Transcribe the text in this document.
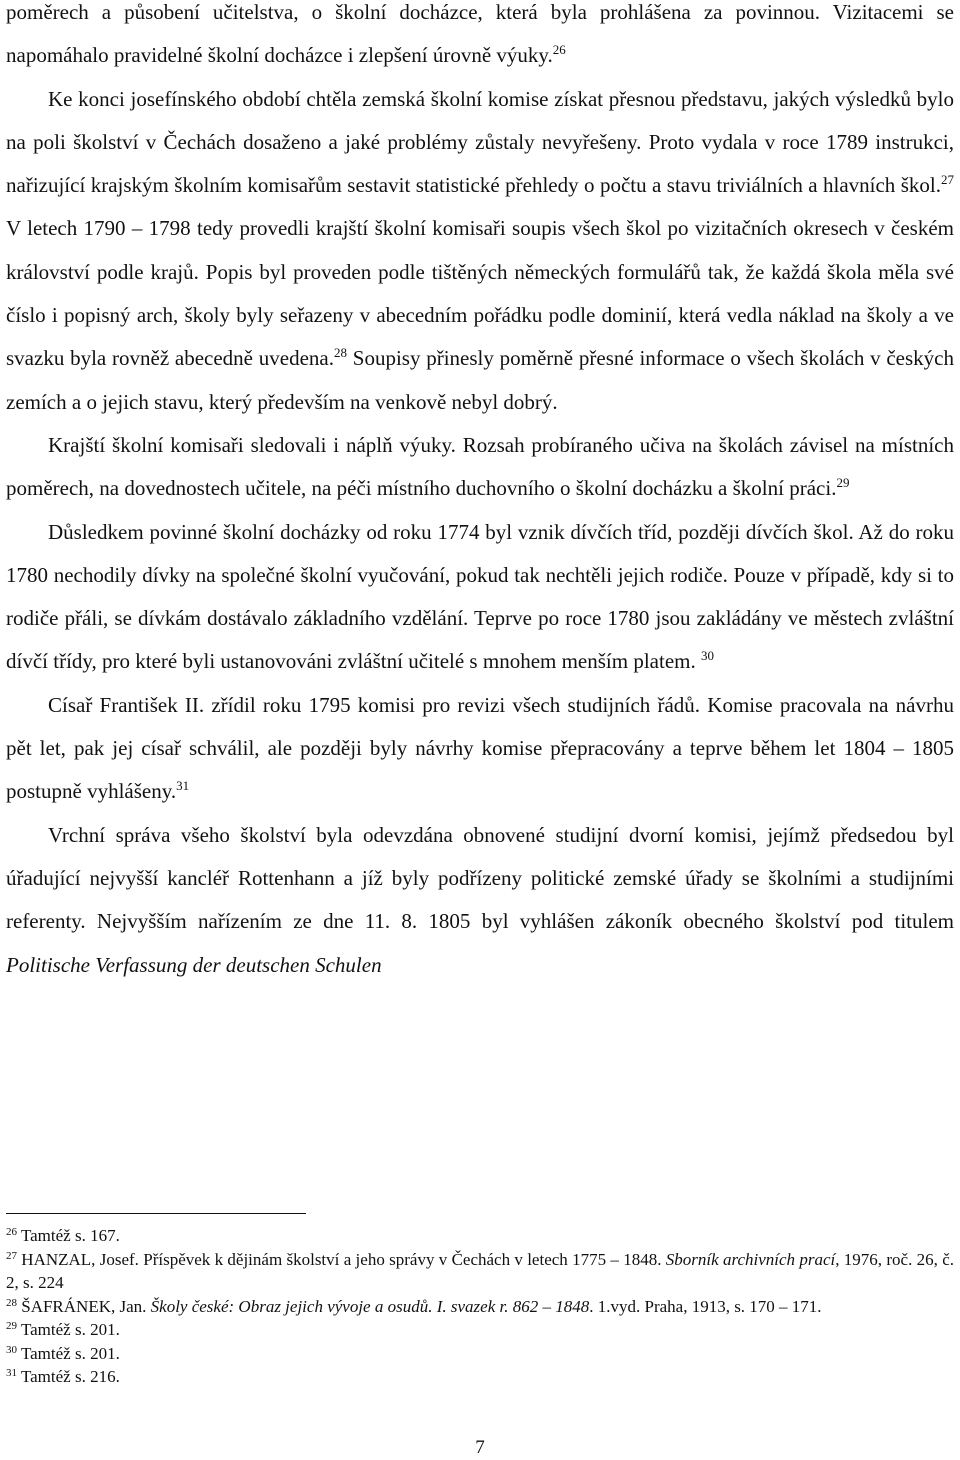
poměrech a působení učitelstva, o školní docházce, která byla prohlášena za povinnou. Vizitacemi se napomáhalo pravidelné školní docházce i zlepšení úrovně výuky.$^{26}$

Ke konci josefínského období chtěla zemská školní komise získat přesnou představu, jakých výsledků bylo na poli školství v Čechách dosaženo a jaké problémy zůstaly nevyřešeny. Proto vydala v roce 1789 instrukci, nařizující krajským školním komisařům sestavit statistické přehledy o počtu a stavu triviálních a hlavních škol.$^{27}$ V letech 1790 – 1798 tedy provedli krajští školní komisaři soupis všech škol po vizitačních okresech v českém království podle krajů. Popis byl proveden podle tištěných německých formulářů tak, že každá škola měla své číslo i popisný arch, školy byly seřazeny v abecedním pořádku podle dominií, která vedla náklad na školy a ve svazku byla rovněž abecedně uvedena.$^{28}$ Soupisy přinesly poměrně přesné informace o všech školách v českých zemích a o jejich stavu, který především na venkově nebyl dobrý.

Krajští školní komisaři sledovali i náplň výuky. Rozsah probíraného učiva na školách závisel na místních poměrech, na dovednostech učitele, na péči místního duchovního o školní docházku a školní práci.$^{29}$

Důsledkem povinné školní docházky od roku 1774 byl vznik dívčích tříd, později dívčích škol. Až do roku 1780 nechodily dívky na společné školní vyučování, pokud tak nechtěli jejich rodiče. Pouze v případě, kdy si to rodiče přáli, se dívkám dostávalo základního vzdělání. Teprve po roce 1780 jsou zakládány ve městech zvláštní dívčí třídy, pro které byli ustanovováni zvláštní učitelé s mnohem menším platem. $^{30}$

Císař František II. zřídil roku 1795 komisi pro revizi všech studijních řádů. Komise pracovala na návrhu pět let, pak jej císař schválil, ale později byly návrhy komise přepracovány a teprve během let 1804 – 1805 postupně vyhlášeny.$^{31}$

Vrchní správa všeho školství byla odevzdána obnovené studijní dvorní komisi, jejímž předsedou byl úřadující nejvyšší kancléř Rottenhann a jíž byly podřízeny politické zemské úřady se školními a studijními referenty. Nejvyšším nařízením ze dne 11. 8. 1805 byl vyhlášen zákoník obecného školství pod titulem Politische Verfassung der deutschen Schulen

$^{26}$ Tamtéž s. 167.

$^{27}$ HANZAL, Josef. Příspěvek k dějinám školství a jeho správy v Čechách v letech 1775 – 1848. Sborník archivních prací, 1976, roč. 26, č. 2, s. 224

$^{28}$ ŠAFRÁNEK, Jan. Školy české: Obraz jejich vývoje a osudů. I. svazek r. 862 – 1848. 1.vyd. Praha, 1913, s. 170 – 171.

$^{29}$ Tamtéž s. 201.

$^{30}$ Tamtéž s. 201.

$^{31}$ Tamtéž s. 216.

7
